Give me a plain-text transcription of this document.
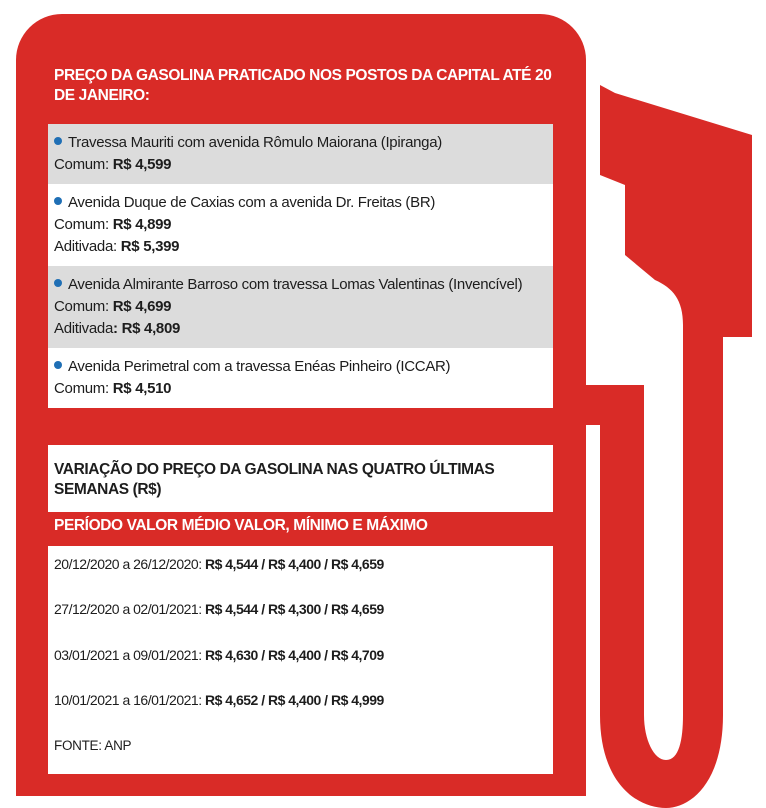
PREÇO DA GASOLINA PRATICADO NOS POSTOS DA CAPITAL ATÉ 20 DE JANEIRO:
Travessa Mauriti com avenida Rômulo Maiorana (Ipiranga)
Comum: R$ 4,599
Avenida Duque de Caxias com a avenida Dr. Freitas (BR)
Comum: R$ 4,899
Aditivada: R$ 5,399
Avenida Almirante Barroso com travessa Lomas Valentinas (Invencível)
Comum: R$ 4,699
Aditivada: R$ 4,809
Avenida Perimetral com a travessa Enéas Pinheiro (ICCAR)
Comum: R$ 4,510
VARIAÇÃO DO PREÇO DA GASOLINA NAS QUATRO ÚLTIMAS SEMANAS (R$)
PERÍODO VALOR MÉDIO VALOR, MÍNIMO E MÁXIMO
20/12/2020 a 26/12/2020: R$ 4,544 / R$ 4,400 / R$ 4,659
27/12/2020 a 02/01/2021: R$ 4,544 / R$ 4,300 / R$ 4,659
03/01/2021 a 09/01/2021: R$ 4,630 / R$ 4,400 / R$ 4,709
10/01/2021 a 16/01/2021: R$ 4,652 / R$ 4,400 / R$ 4,999
FONTE: ANP
